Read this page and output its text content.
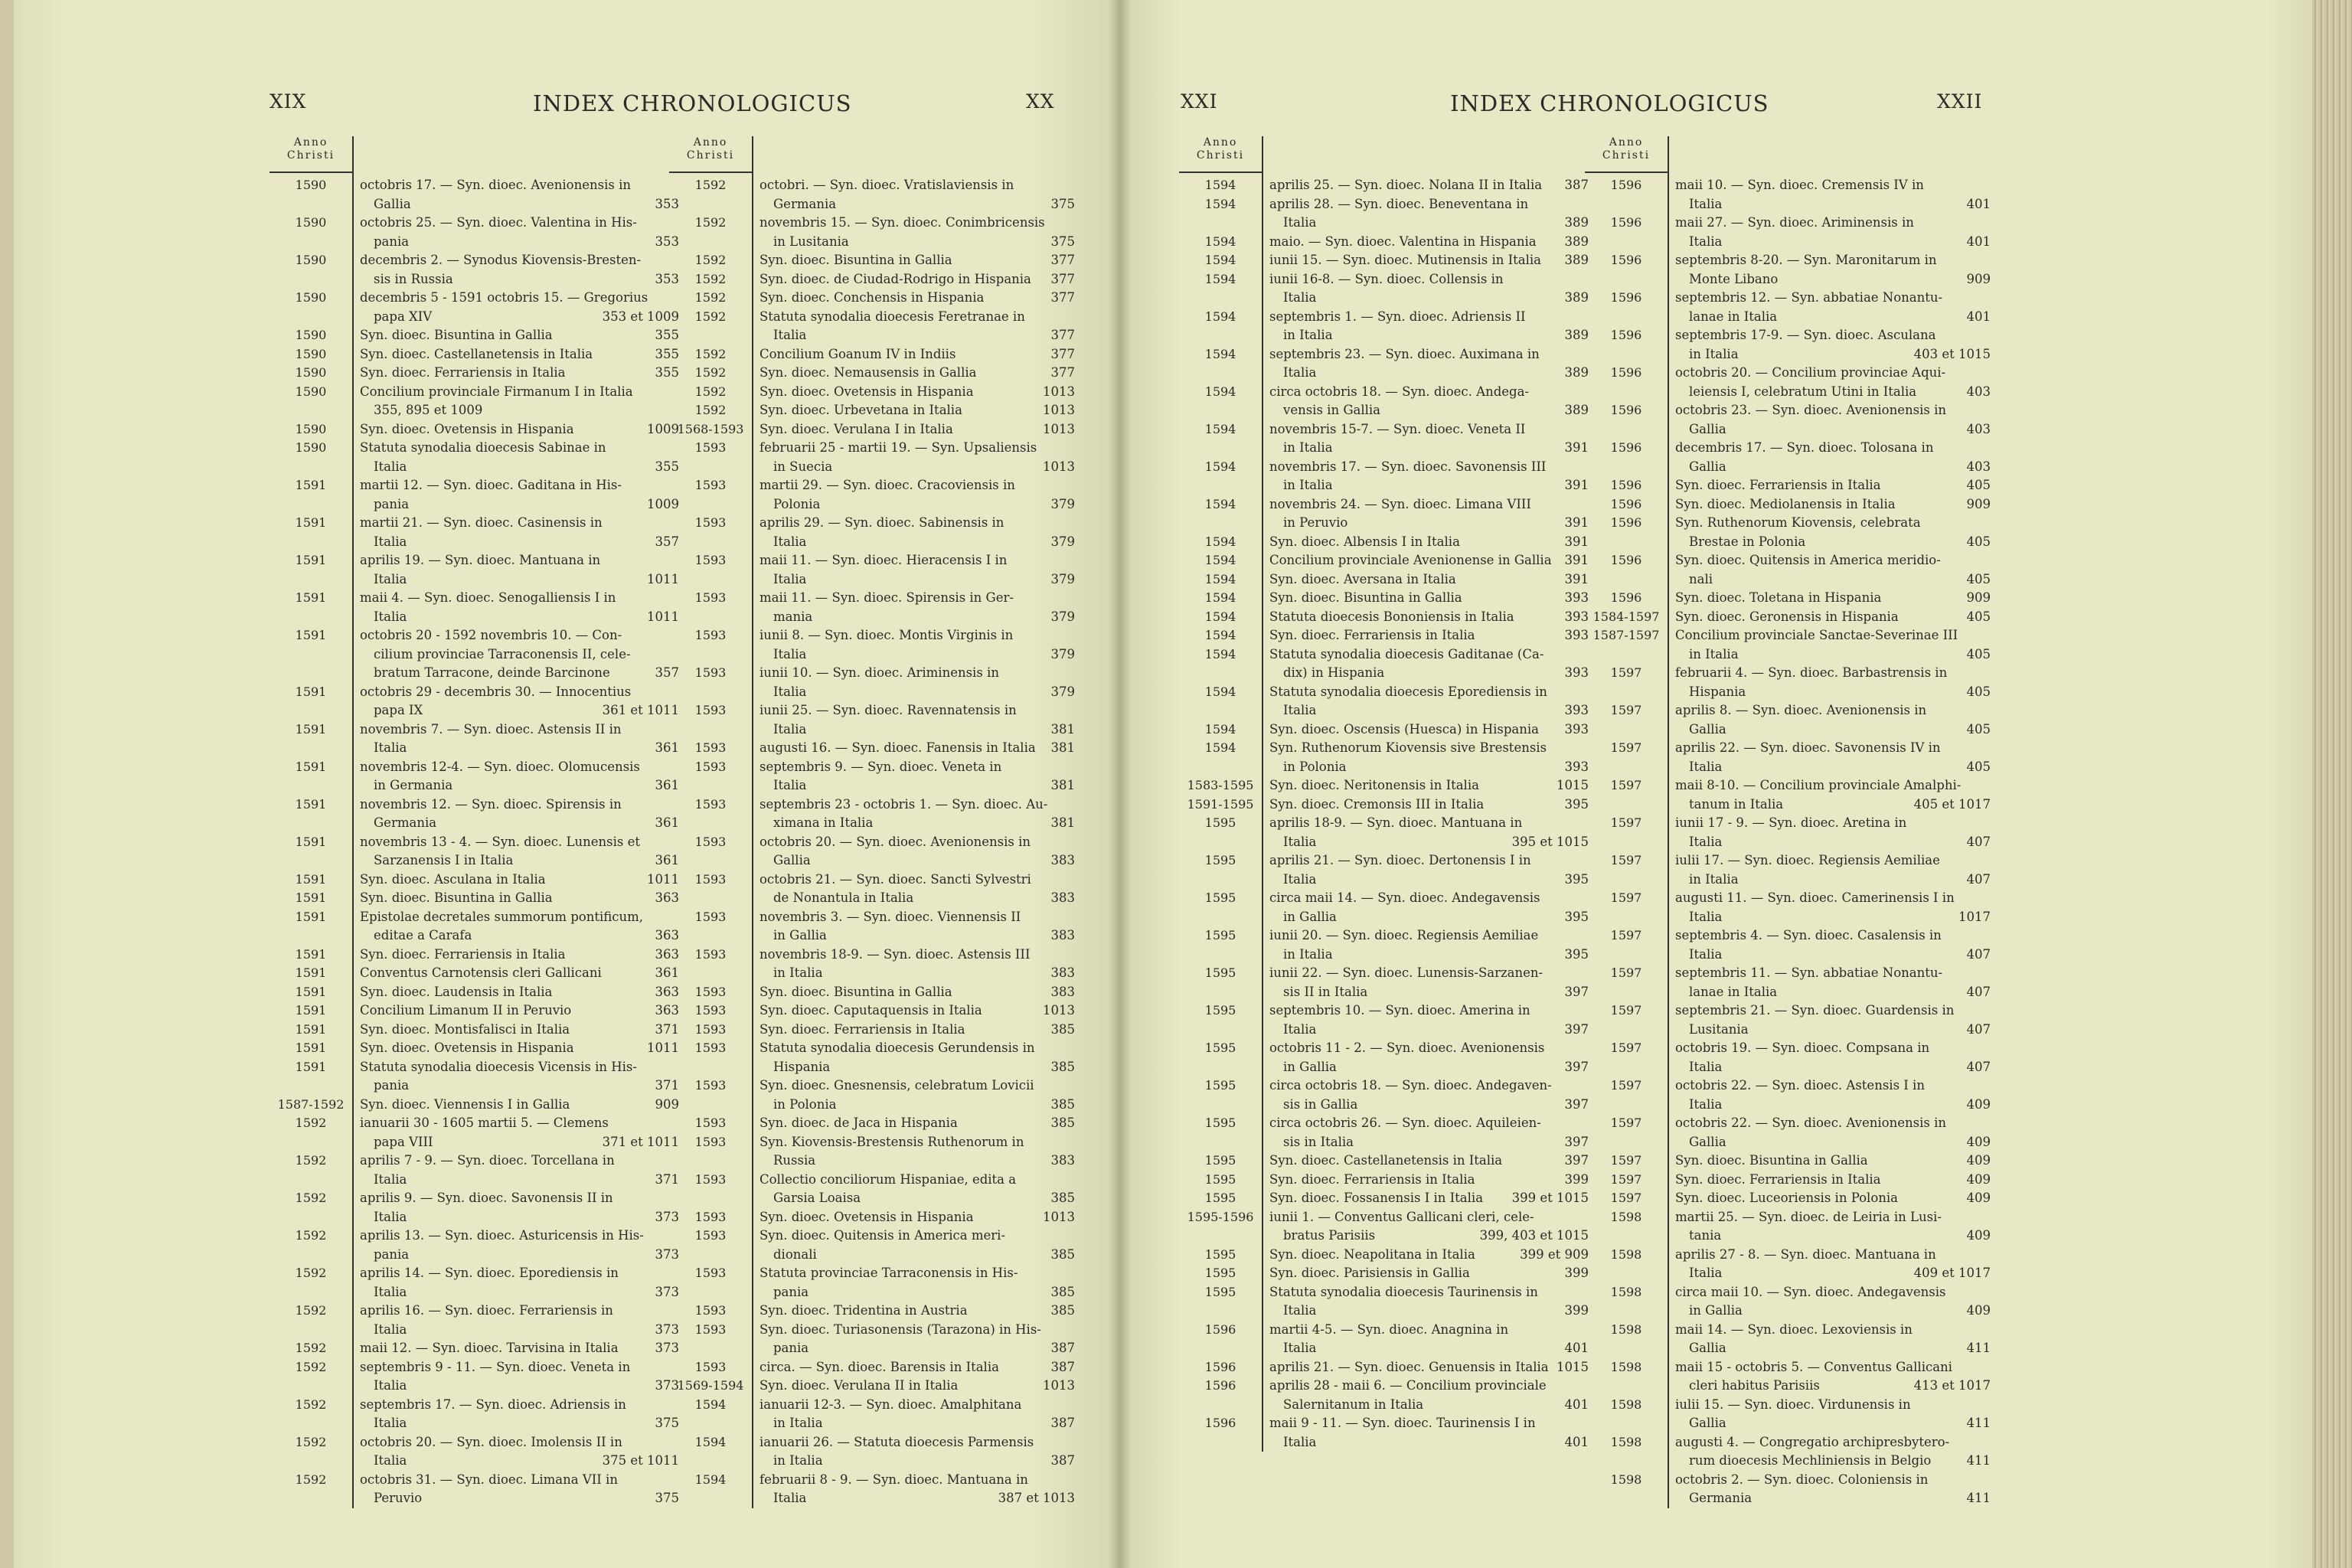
XIX	INDEX CHRONOLOGICUS	XX	XXI	INDEX CHRONOLOGICUS	XXII
Anno
Christi
1590	octobris 17. — Syn. dioec. Avenionensis in
Gallia	353
1590	octobris 25. — Syn. dioec. Valentina in His-
pania	353
1590	decembris 2. — Synodus Kiovensis-Bresten-
sis in Russia	353
1590	decembris 5 - 1591 octobris 15. — Gregorius
papa XIV	353 et 1009
1590	Syn. dioec. Bisuntina in Gallia	355
1590	Syn. dioec. Castellanetensis in Italia	355
1590	Syn. dioec. Ferrariensis in Italia	355
1590	Concilium provinciale Firmanum I in Italia
355, 895 et 1009
1590	Syn. dioec. Ovetensis in Hispania	1009
1590	Statuta synodalia dioecesis Sabinae in
Italia	355
1591	martii 12. — Syn. dioec. Gaditana in His-
pania	1009
1591	martii 21. — Syn. dioec. Casinensis in
Italia	357
1591	aprilis 19. — Syn. dioec. Mantuana in
Italia	1011
1591	maii 4. — Syn. dioec. Senogalliensis I in
Italia	1011
1591	octobris 20 - 1592 novembris 10. — Con-
cilium provinciae Tarraconensis II, cele-
bratum Tarracone, deinde Barcinone	357
1591	octobris 29 - decembris 30. — Innocentius
papa IX	361 et 1011
1591	novembris 7. — Syn. dioec. Astensis II in
Italia	361
1591	novembris 12-4. — Syn. dioec. Olomucensis
in Germania	361
1591	novembris 12. — Syn. dioec. Spirensis in
Germania	361
1591	novembris 13 - 4. — Syn. dioec. Lunensis et
Sarzanensis I in Italia	361
1591	Syn. dioec. Asculana in Italia	1011
1591	Syn. dioec. Bisuntina in Gallia	363
1591	Epistolae decretales summorum pontificum,
editae a Carafa	363
1591	Syn. dioec. Ferrariensis in Italia	363
1591	Conventus Carnotensis cleri Gallicani	361
1591	Syn. dioec. Laudensis in Italia	363
1591	Concilium Limanum II in Peruvio	363
1591	Syn. dioec. Montisfalisci in Italia	371
1591	Syn. dioec. Ovetensis in Hispania	1011
1591	Statuta synodalia dioecesis Vicensis in His-
pania	371
1587-1592	Syn. dioec. Viennensis I in Gallia	909
1592	ianuarii 30 - 1605 martii 5. — Clemens
papa VIII	371 et 1011
1592	aprilis 7 - 9. — Syn. dioec. Torcellana in
Italia	371
1592	aprilis 9. — Syn. dioec. Savonensis II in
Italia	373
1592	aprilis 13. — Syn. dioec. Asturicensis in His-
pania	373
1592	aprilis 14. — Syn. dioec. Eporediensis in
Italia	373
1592	aprilis 16. — Syn. dioec. Ferrariensis in
Italia	373
1592	maii 12. — Syn. dioec. Tarvisina in Italia	373
1592	septembris 9 - 11. — Syn. dioec. Veneta in
Italia	373
1592	septembris 17. — Syn. dioec. Adriensis in
Italia	375
1592	octobris 20. — Syn. dioec. Imolensis II in
Italia	375 et 1011
1592	octobris 31. — Syn. dioec. Limana VII in
Peruvio	375
Anno
Christi
1592	octobri. — Syn. dioec. Vratislaviensis in
Germania	375
1592	novembris 15. — Syn. dioec. Conimbricensis
in Lusitania	375
1592	Syn. dioec. Bisuntina in Gallia	377
1592	Syn. dioec. de Ciudad-Rodrigo in Hispania 377
1592	Syn. dioec. Conchensis in Hispania	377
1592	Statuta synodalia dioecesis Feretranae in
Italia	377
1592	Concilium Goanum IV in Indiis	377
1592	Syn. dioec. Nemausensis in Gallia	377
1592	Syn. dioec. Ovetensis in Hispania	1013
1592	Syn. dioec. Urbevetana in Italia	1013
1568-1593	Syn. dioec. Verulana I in Italia	1013
1593	februarii 25 - martii 19. — Syn. Upsaliensis
in Suecia	1013
1593	martii 29. — Syn. dioec. Cracoviensis in
Polonia	379
1593	aprilis 29. — Syn. dioec. Sabinensis in
Italia	379
1593	maii 11. — Syn. dioec. Hieracensis I in
Italia	379
1593	maii 11. — Syn. dioec. Spirensis in Ger-
mania	379
1593	iunii 8. — Syn. dioec. Montis Virginis in
Italia	379
1593	iunii 10. — Syn. dioec. Ariminensis in
Italia	379
1593	iunii 25. — Syn. dioec. Ravennatensis in
Italia	381
1593	augusti 16. — Syn. dioec. Fanensis in Italia 381
1593	septembris 9. — Syn. dioec. Veneta in
Italia	381
1593	septembris 23 - octobris 1. — Syn. dioec. Au-
ximana in Italia	381
1593	octobris 20. — Syn. dioec. Avenionensis in
Gallia	383
1593	octobris 21. — Syn. dioec. Sancti Sylvestri
de Nonantula in Italia	383
1593	novembris 3. — Syn. dioec. Viennensis II
in Gallia	383
1593	novembris 18-9. — Syn. dioec. Astensis III
in Italia	383
1593	Syn. dioec. Bisuntina in Gallia	383
1593	Syn. dioec. Caputaquensis in Italia	1013
1593	Syn. dioec. Ferrariensis in Italia	385
1593	Statuta synodalia dioecesis Gerundensis in
Hispania	385
1593	Syn. dioec. Gnesnensis, celebratum Lovicii
in Polonia	385
1593	Syn. dioec. de Jaca in Hispania	385
1593	Syn. Kiovensis-Brestensis Ruthenorum in
Russia	383
1593	Collectio conciliorum Hispaniae, edita a
Garsia Loaisa	385
1593	Syn. dioec. Ovetensis in Hispania	1013
1593	Syn. dioec. Quitensis in America meri-
dionali	385
1593	Statuta provinciae Tarraconensis in His-
pania	385
1593	Syn. dioec. Tridentina in Austria	385
1593	Syn. dioec. Turiasonensis (Tarazona) in His-
pania	387
1593	circa. — Syn. dioec. Barensis in Italia	387
1569-1594	Syn. dioec. Verulana II in Italia	1013
1594	ianuarii 12-3. — Syn. dioec. Amalphitana
in Italia	387
1594	ianuarii 26. — Statuta dioecesis Parmensis
in Italia	387
1594	februarii 8 - 9. — Syn. dioec. Mantuana in
Italia	387 et 1013
Anno
Christi
1594	aprilis 25. — Syn. dioec. Nolana II in Italia 387
1594	aprilis 28. — Syn. dioec. Beneventana in
Italia	389
1594	maio. — Syn. dioec. Valentina in Hispania 389
1594	iunii 15. — Syn. dioec. Mutinensis in Italia 389
1594	iunii 16-8. — Syn. dioec. Collensis in
Italia	389
1594	septembris 1. — Syn. dioec. Adriensis II
in Italia	389
1594	septembris 23. — Syn. dioec. Auximana in
Italia	389
1594	circa octobris 18. — Syn. dioec. Andega-
vensis in Gallia	389
1594	novembris 15-7. — Syn. dioec. Veneta II
in Italia	391
1594	novembris 17. — Syn. dioec. Savonensis III
in Italia	391
1594	novembris 24. — Syn. dioec. Limana VIII
in Peruvio	391
1594	Syn. dioec. Albensis I in Italia	391
1594	Concilium provinciale Avenionense in Gallia 391
1594	Syn. dioec. Aversana in Italia	391
1594	Syn. dioec. Bisuntina in Gallia	393
1594	Statuta dioecesis Bononiensis in Italia	393
1594	Syn. dioec. Ferrariensis in Italia	393
1594	Statuta synodalia dioecesis Gaditanae (Ca-
dix) in Hispania	393
1594	Statuta synodalia dioecesis Eporediensis in
Italia	393
1594	Syn. dioec. Oscensis (Huesca) in Hispania 393
1594	Syn. Ruthenorum Kiovensis sive Brestensis
in Polonia	393
1583-1595	Syn. dioec. Neritonensis in Italia	1015
1591-1595	Syn. dioec. Cremonsis III in Italia	395
1595	aprilis 18-9. — Syn. dioec. Mantuana in
Italia	395 et 1015
1595	aprilis 21. — Syn. dioec. Dertonensis I in
Italia	395
1595	circa maii 14. — Syn. dioec. Andegavensis
in Gallia	395
1595	iunii 20. — Syn. dioec. Regiensis Aemiliae
in Italia	395
1595	iunii 22. — Syn. dioec. Lunensis-Sarzanen-
sis II in Italia	397
1595	septembris 10. — Syn. dioec. Amerina in
Italia	397
1595	octobris 11 - 2. — Syn. dioec. Avenionensis
in Gallia	397
1595	circa octobris 18. — Syn. dioec. Andegaven-
sis in Gallia	397
1595	circa octobris 26. — Syn. dioec. Aquileien-
sis in Italia	397
1595	Syn. dioec. Castellanetensis in Italia	397
1595	Syn. dioec. Ferrariensis in Italia	399
1595	Syn. dioec. Fossanensis I in Italia 399 et 1015
1595-1596	iunii 1. — Conventus Gallicani cleri, cele-
bratus Parisiis	399, 403 et 1015
1595	Syn. dioec. Neapolitana in Italia	399 et 909
1595	Syn. dioec. Parisiensis in Gallia	399
1595	Statuta synodalia dioecesis Taurinensis in
Italia	399
1596	martii 4-5. — Syn. dioec. Anagnina in
Italia	401
1596	aprilis 21. — Syn. dioec. Genuensis in Italia 1015
1596	aprilis 28 - maii 6. — Concilium provinciale
Salernitanum in Italia	401
1596	maii 9 - 11. — Syn. dioec. Taurinensis I in
Italia	401
Anno
Christi
1596	maii 10. — Syn. dioec. Cremensis IV in
Italia	401
1596	maii 27. — Syn. dioec. Ariminensis in
Italia	401
1596	septembris 8-20. — Syn. Maronitarum in
Monte Libano	909
1596	septembris 12. — Syn. abbatiae Nonantu-
lanae in Italia	401
1596	septembris 17-9. — Syn. dioec. Asculana
in Italia	403 et 1015
1596	octobris 20. — Concilium provinciae Aqui-
leiensis I, celebratum Utini in Italia	403
1596	octobris 23. — Syn. dioec. Avenionensis in
Gallia	403
1596	decembris 17. — Syn. dioec. Tolosana in
Gallia	403
1596	Syn. dioec. Ferrariensis in Italia	405
1596	Syn. dioec. Mediolanensis in Italia	909
1596	Syn. Ruthenorum Kiovensis, celebrata
Brestae in Polonia	405
1596	Syn. dioec. Quitensis in America meridio-
nali	405
1596	Syn. dioec. Toletana in Hispania	909
1584-1597	Syn. dioec. Geronensis in Hispania	405
1587-1597	Concilium provinciale Sanctae-Severinae III
in Italia	405
1597	februarii 4. — Syn. dioec. Barbastrensis in
Hispania	405
1597	aprilis 8. — Syn. dioec. Avenionensis in
Gallia	405
1597	aprilis 22. — Syn. dioec. Savonensis IV in
Italia	405
1597	maii 8-10. — Concilium provinciale Amalphi-
tanum in Italia	405 et 1017
1597	iunii 17 - 9. — Syn. dioec. Aretina in
Italia	407
1597	iulii 17. — Syn. dioec. Regiensis Aemiliae
in Italia	407
1597	augusti 11. — Syn. dioec. Camerinensis I in
Italia	1017
1597	septembris 4. — Syn. dioec. Casalensis in
Italia	407
1597	septembris 11. — Syn. abbatiae Nonantu-
lanae in Italia	407
1597	septembris 21. — Syn. dioec. Guardensis in
Lusitania	407
1597	octobris 19. — Syn. dioec. Compsana in
Italia	407
1597	octobris 22. — Syn. dioec. Astensis I in
Italia	409
1597	octobris 22. — Syn. dioec. Avenionensis in
Gallia	409
1597	Syn. dioec. Bisuntina in Gallia	409
1597	Syn. dioec. Ferrariensis in Italia	409
1597	Syn. dioec. Luceoriensis in Polonia	409
1598	martii 25. — Syn. dioec. de Leiria in Lusi-
tania	409
1598	aprilis 27 - 8. — Syn. dioec. Mantuana in
Italia	409 et 1017
1598	circa maii 10. — Syn. dioec. Andegavensis
in Gallia	409
1598	maii 14. — Syn. dioec. Lexoviensis in
Gallia	411
1598	maii 15 - octobris 5. — Conventus Gallicani
cleri habitus Parisiis	413 et 1017
1598	iulii 15. — Syn. dioec. Virdunensis in
Gallia	411
1598	augusti 4. — Congregatio archipresbytero-
rum dioecesis Mechliniensis in Belgio	411
1598	octobris 2. — Syn. dioec. Coloniensis in
Germania	411
